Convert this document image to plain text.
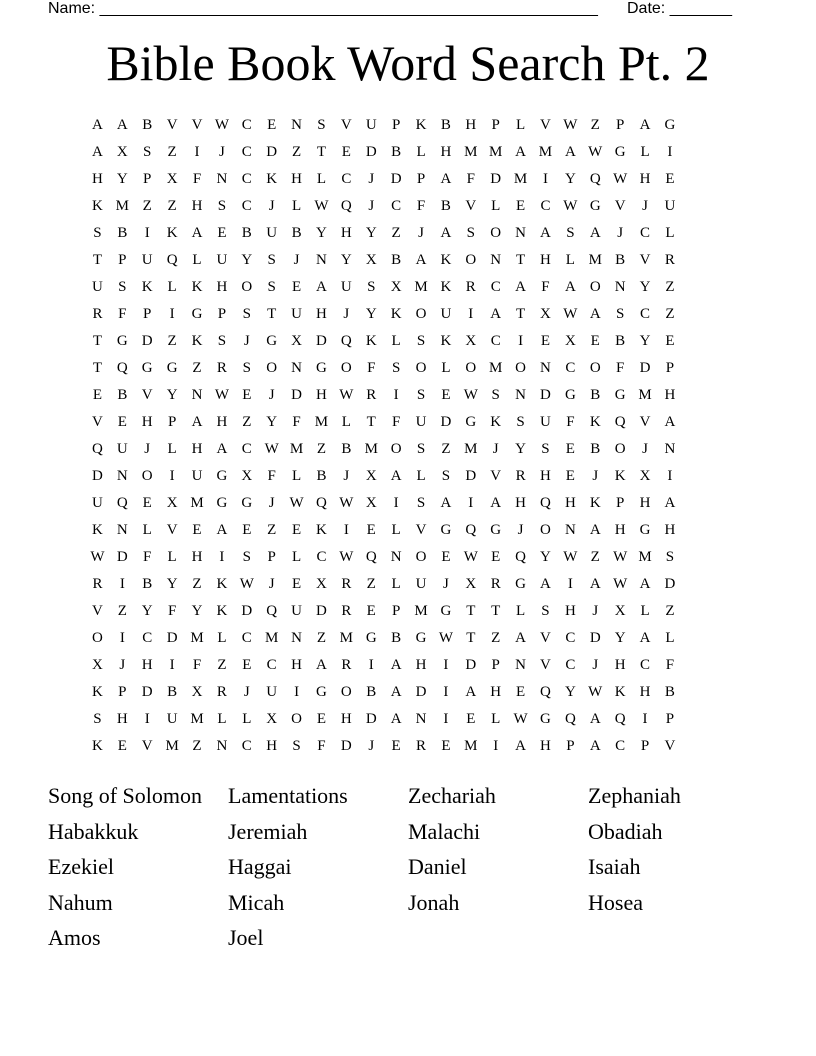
Name: ________________________________________________________ Date: _______
Bible Book Word Search Pt. 2
A A B V V W C	E N	S	V U	P	K B H	P	L V W Z	P	A G
A X	S	Z	I	J	C D Z	T	E D B	L H M M A M A W G L	I
H Y	P	X	F	N C K H L	C	J	D	P	A	F	D M	I	Y Q W H E
K M Z	Z H	S	C	J	L W Q	J	C	F	B V L	E	C W G V	J	U
S	B	I	K A E	B U B Y H Y Z	J	A	S	O N A	S	A	J	C	L
T	P	U Q L U Y	S	J	N Y X B A K O N T H L M B V R
U	S	K L K H O	S	E A U	S	X M K R C A	F	A O N Y Z
R	F	P	I	G	P	S	T U H	J	Y K O U	I	A T X W A	S	C	Z
T G D Z K	S	J	G X D Q K L	S	K X C	I	E X E	B Y E
T Q G G Z	R	S	O N G O	F	S	O L O M O N C O	F	D	P
E	B V Y N W E	J	D H W R	I	S	E W S	N D G B G M H
V E H	P	A H Z Y	F M L	T	F	U D G K	S	U	F	K Q V A
Q U	J	L H A C W M Z	B M O	S	Z M	J	Y	S	E	B O	J	N
D N O	I	U G X	F	L	B	J	X A L	S	D V R H E	J	K X	I
U Q E X M G G	J W Q W X	I	S	A	I	A H Q H K	P	H A
K N L V E A E	Z	E K	I	E	L V G Q G	J	O N A H G H
W D	F	L H	I	S	P	L	C W Q N O E W E Q Y W Z W M S
R	I	B Y Z K W J	E X R	Z	L U	J	X R G A	I	A W A D
V Z Y	F	Y K D Q U D R	E	P M G T	T	L	S	H	J	X L	Z
O	I	C D M L	C M N Z M G B G W T	Z A V C D Y A L
X	J	H	I	F	Z	E	C H A R	I	A H	I	D	P	N V C	J	H C	F
K	P	D B X R	J	U	I	G O B A D	I	A H E Q Y W K H B
S	H	I	U M L	L X O E H D A N	I	E	L W G Q A Q	I	P
K E V M Z N C H	S	F	D	J	E	R	E M	I	A H	P	A C	P	V
Song of Solomon	Lamentations	Zechariah	Zephaniah
Habakkuk	Jeremiah	Malachi	Obadiah
Ezekiel	Haggai	Daniel	Isaiah
Nahum	Micah	Jonah	Hosea
Amos	Joel
